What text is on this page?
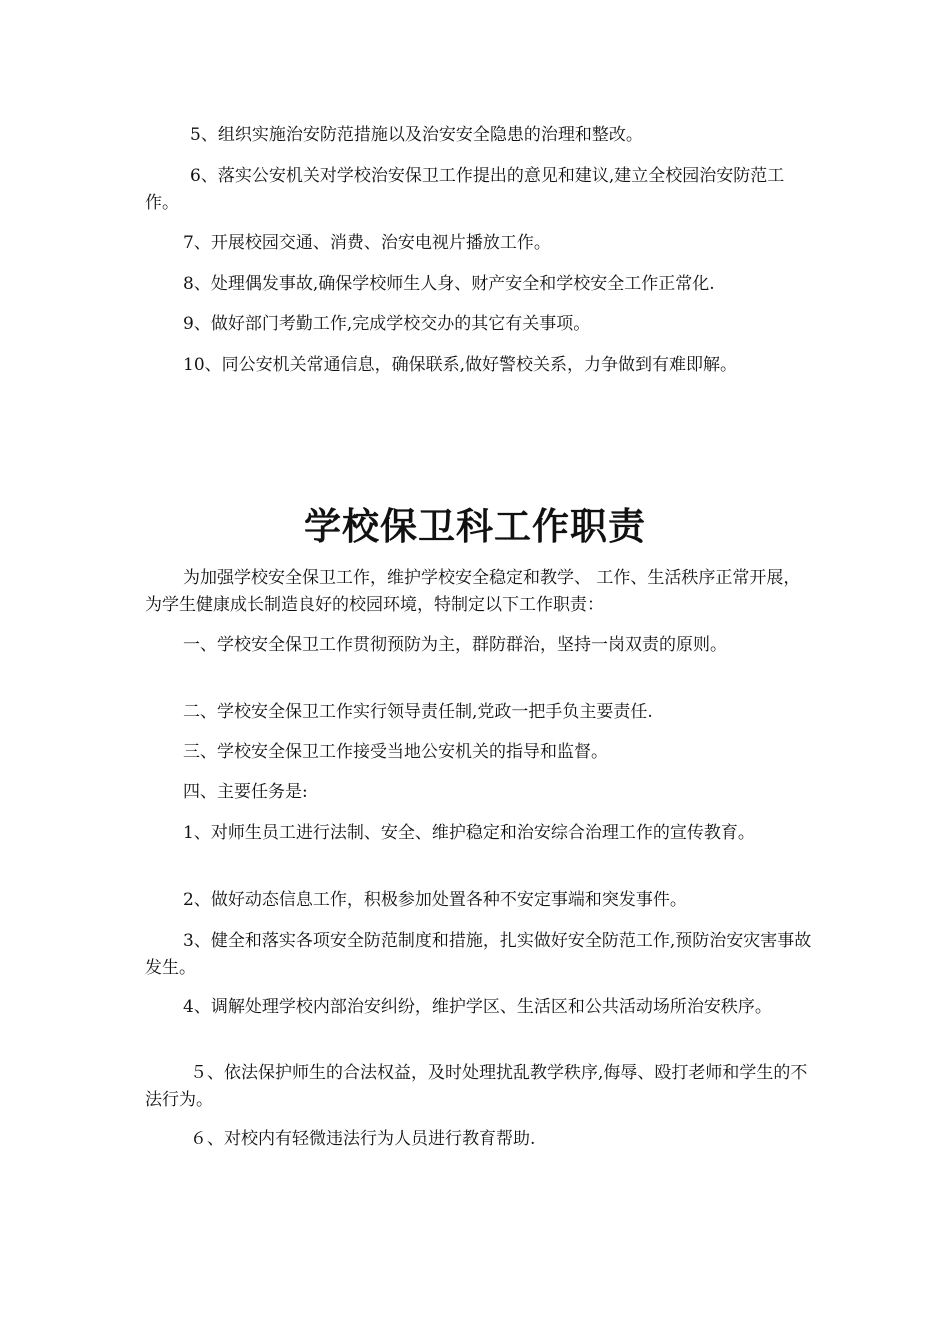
5、组织实施治安防范措施以及治安安全隐患的治理和整改。

6、落实公安机关对学校治安保卫工作提出的意见和建议,建立全校园治安防范工作。

7、开展校园交通、消费、治安电视片播放工作。

8、处理偶发事故,确保学校师生人身、财产安全和学校安全工作正常化.

9、做好部门考勤工作,完成学校交办的其它有关事项。

10、同公安机关常通信息，确保联系,做好警校关系，力争做到有难即解。

学校保卫科工作职责

为加强学校安全保卫工作，维护学校安全稳定和教学、 工作、生活秩序正常开展，为学生健康成长制造良好的校园环境，特制定以下工作职责：

一、学校安全保卫工作贯彻预防为主，群防群治，坚持一岗双责的原则。

二、学校安全保卫工作实行领导责任制,党政一把手负主要责任.

三、学校安全保卫工作接受当地公安机关的指导和监督。

四、主要任务是:

1、对师生员工进行法制、安全、维护稳定和治安综合治理工作的宣传教育。

2、做好动态信息工作，积极参加处置各种不安定事端和突发事件。

3、健全和落实各项安全防范制度和措施，扎实做好安全防范工作,预防治安灾害事故发生。

4、调解处理学校内部治安纠纷，维护学区、生活区和公共活动场所治安秩序。

５、依法保护师生的合法权益，及时处理扰乱教学秩序,侮辱、殴打老师和学生的不法行为。

６、对校内有轻微违法行为人员进行教育帮助.
